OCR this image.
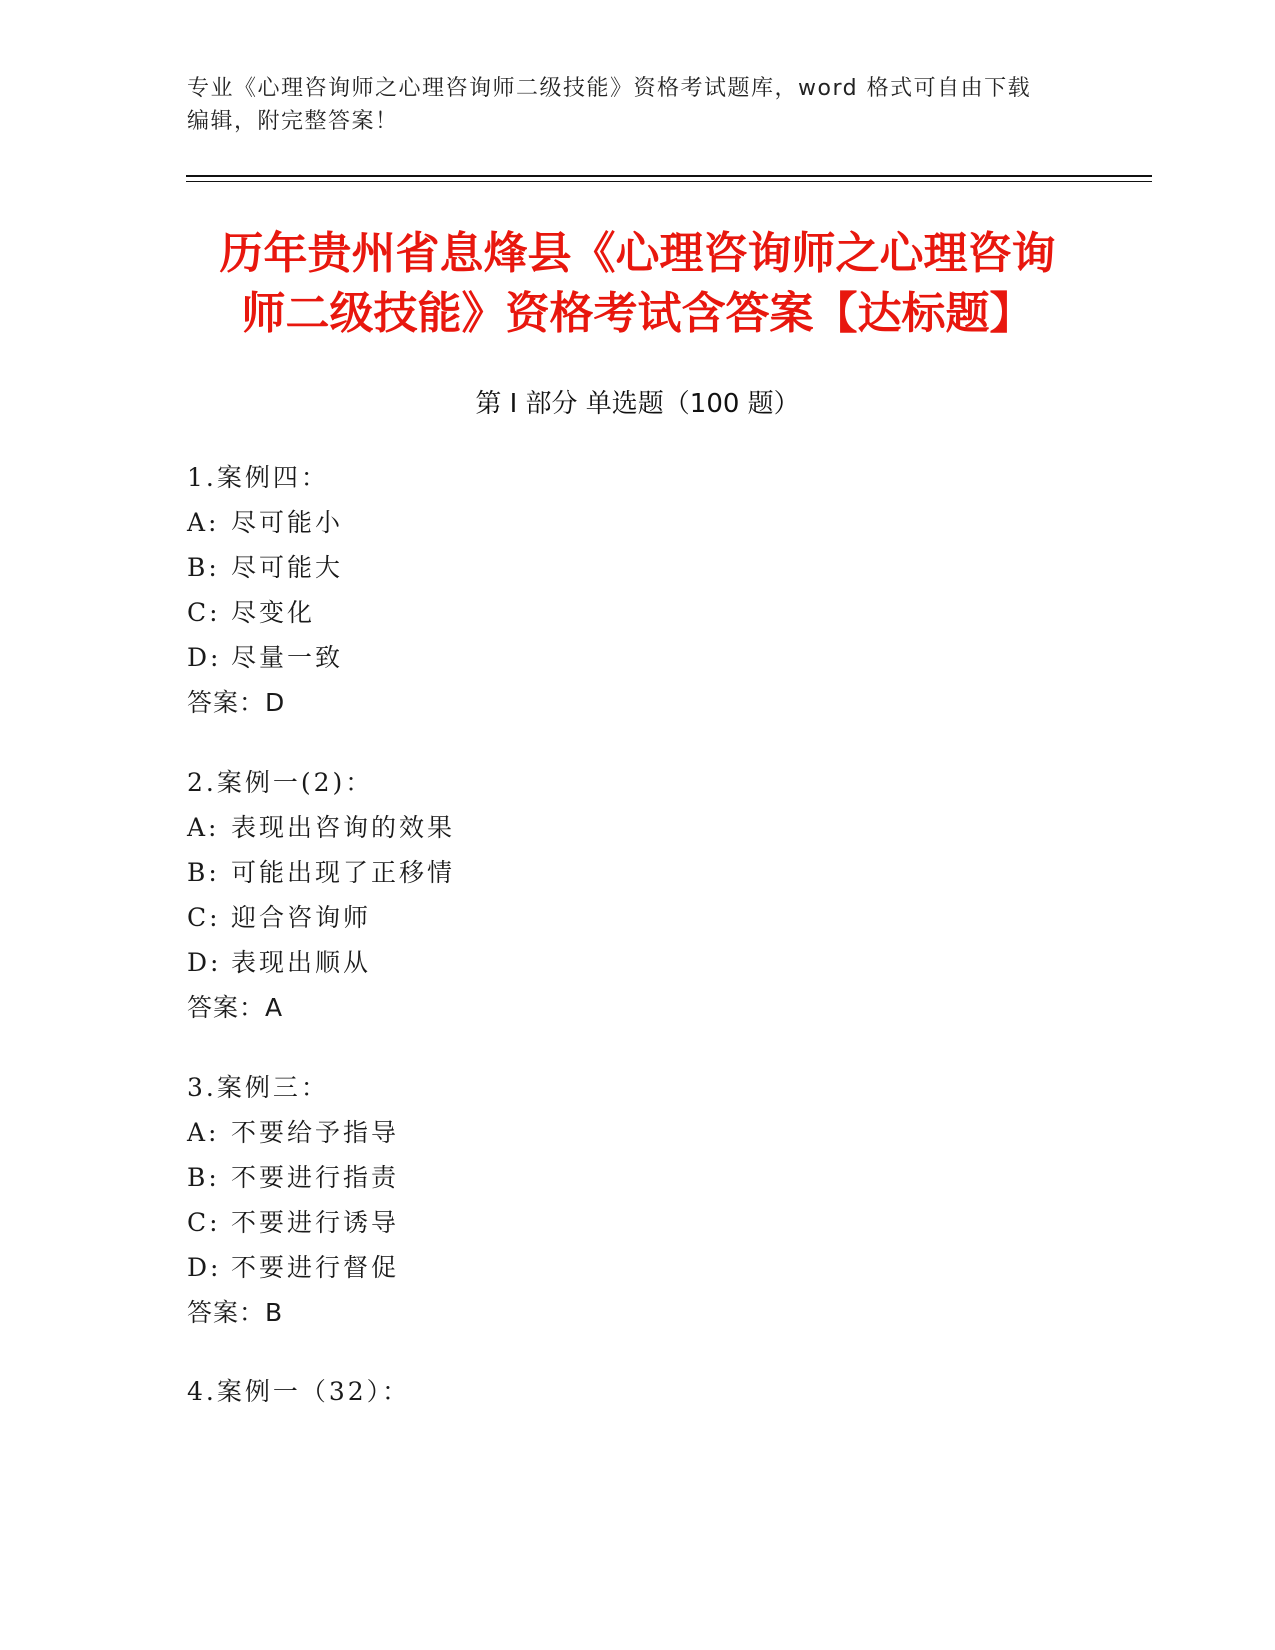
专业《心理咨询师之心理咨询师二级技能》资格考试题库，word 格式可自由下载
编辑，附完整答案！
历年贵州省息烽县《心理咨询师之心理咨询
师二级技能》资格考试含答案【达标题】
第 I 部分 单选题（100 题）
1.案例四：
A: 尽可能小
B: 尽可能大
C: 尽变化
D: 尽量一致
答案：D
2.案例一(2)：
A: 表现出咨询的效果
B: 可能出现了正移情
C: 迎合咨询师
D: 表现出顺从
答案：A
3.案例三：
A: 不要给予指导
B: 不要进行指责
C: 不要进行诱导
D: 不要进行督促
答案：B
4.案例一（32）：
